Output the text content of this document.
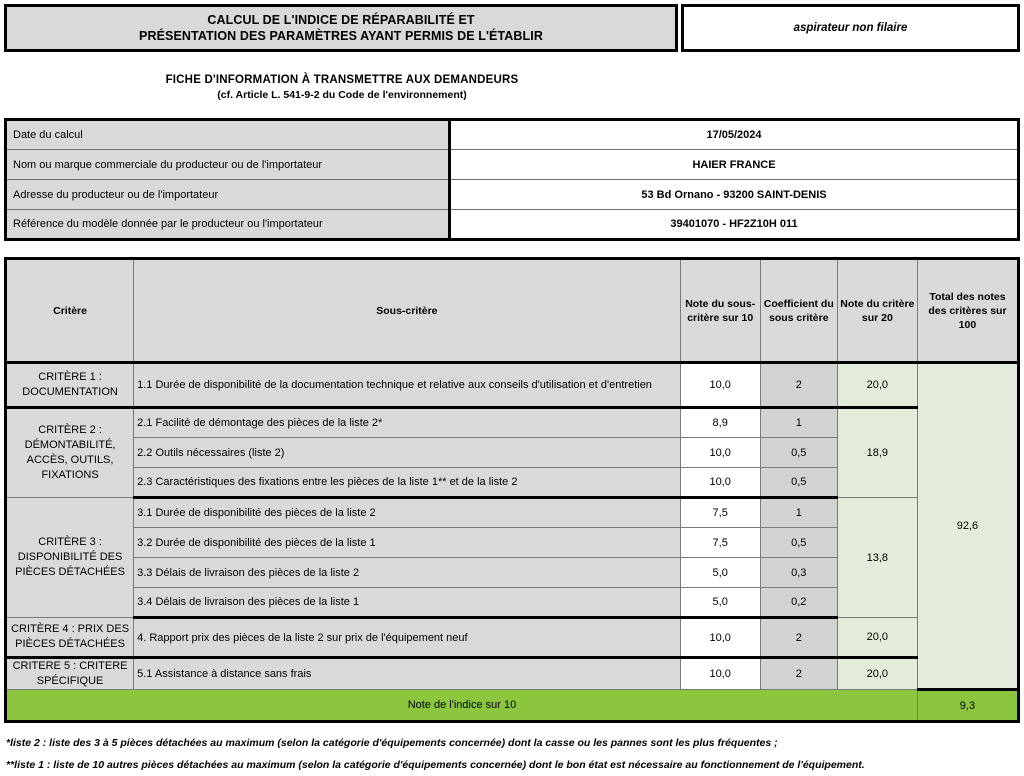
CALCUL DE L'INDICE DE RÉPARABILITÉ ET
PRÉSENTATION DES PARAMÈTRES AYANT PERMIS DE L'ÉTABLIR
aspirateur non filaire
FICHE D'INFORMATION À TRANSMETTRE AUX DEMANDEURS
(cf. Article L. 541-9-2 du Code de l'environnement)
Date du calcul	17/05/2024
Nom ou marque commerciale du producteur ou de l'importateur	HAIER FRANCE
Adresse du producteur ou de l'importateur	53 Bd Ornano - 93200 SAINT-DENIS
Référence du modèle donnée par le producteur ou l'importateur	39401070 - HF2Z10H 011
Critère	Sous-critère	Note du sous-critère sur 10	Coefficient du sous critère	Note du critère sur 20	Total des notes des critères sur 100
CRITÈRE 1 : DOCUMENTATION	1.1 Durée de disponibilité de la documentation technique et relative aux conseils d'utilisation et d'entretien	10,0	2	20,0	92,6
CRITÈRE 2 : DÉMONTABILITÉ, ACCÈS, OUTILS, FIXATIONS	2.1 Facilité de démontage des pièces de la liste 2*	8,9	1	18,9	
	2.2 Outils nécessaires (liste 2)	10,0	0,5		
	2.3 Caractéristiques des fixations entre les pièces de la liste 1** et de la liste 2	10,0	0,5		
CRITÈRE 3 : DISPONIBILITÉ DES PIÈCES DÉTACHÉES	3.1 Durée de disponibilité des pièces de la liste 2	7,5	1	13,8	
	3.2 Durée de disponibilité des pièces de la liste 1	7,5	0,5		
	3.3 Délais de livraison des pièces de la liste 2	5,0	0,3		
	3.4 Délais de livraison des pièces de la liste 1	5,0	0,2		
CRITÈRE 4 : PRIX DES PIÈCES DÉTACHÉES	4. Rapport prix des pièces de la liste 2 sur prix de l'équipement neuf	10,0	2	20,0	
CRITERE 5 : CRITERE SPÉCIFIQUE	5.1 Assistance à distance sans frais	10,0	2	20,0	
Note de l'indice sur 10					9,3
*liste 2 : liste des 3 à 5 pièces détachées au maximum (selon la catégorie d'équipements concernée) dont la casse ou les pannes sont les plus fréquentes ;
**liste 1 : liste de 10 autres pièces détachées au maximum (selon la catégorie d'équipements concernée) dont le bon état est nécessaire au fonctionnement de l'équipement.
